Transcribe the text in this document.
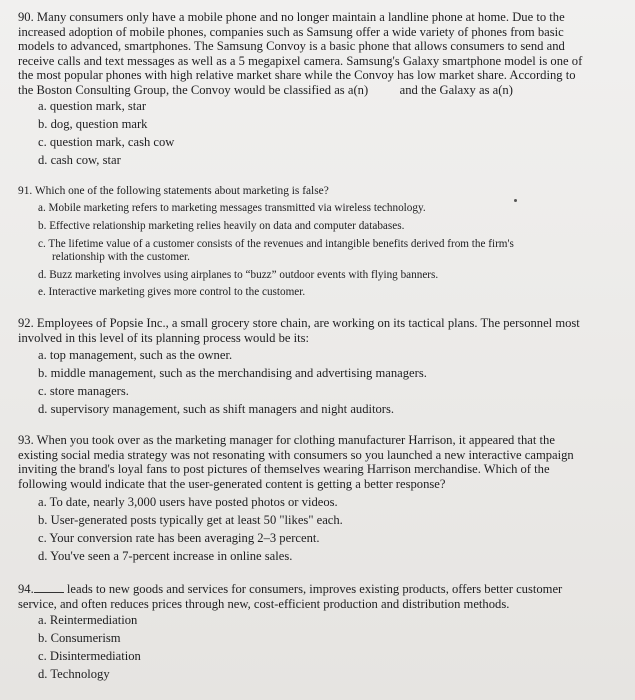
90. Many consumers only have a mobile phone and no longer maintain a landline phone at home. Due to the
increased adoption of mobile phones, companies such as Samsung offer a wide variety of phones from basic
models to advanced, smartphones. The Samsung Convoy is a basic phone that allows consumers to send and
receive calls and text messages as well as a 5 megapixel camera. Samsung's Galaxy smartphone model is one of
the most popular phones with high relative market share while the Convoy has low market share. According to
the Boston Consulting Group, the Convoy would be classified as a(n)          and the Galaxy as a(n)
a. question mark, star
b. dog, question mark
c. question mark, cash cow
d. cash cow, star
91. Which one of the following statements about marketing is false?
a. Mobile marketing refers to marketing messages transmitted via wireless technology.
b. Effective relationship marketing relies heavily on data and computer databases.
c. The lifetime value of a customer consists of the revenues and intangible benefits derived from the firm's
relationship with the customer.
d. Buzz marketing involves using airplanes to “buzz” outdoor events with flying banners.
e. Interactive marketing gives more control to the customer.
92. Employees of Popsie Inc., a small grocery store chain, are working on its tactical plans. The personnel most
involved in this level of its planning process would be its:
a. top management, such as the owner.
b. middle management, such as the merchandising and advertising managers.
c. store managers.
d. supervisory management, such as shift managers and night auditors.
93. When you took over as the marketing manager for clothing manufacturer Harrison, it appeared that the
existing social media strategy was not resonating with consumers so you launched a new interactive campaign
inviting the brand's loyal fans to post pictures of themselves wearing Harrison merchandise. Which of the
following would indicate that the user-generated content is getting a better response?
a. To date, nearly 3,000 users have posted photos or videos.
b. User-generated posts typically get at least 50 "likes" each.
c. Your conversion rate has been averaging 2–3 percent.
d. You've seen a 7-percent increase in online sales.
94.	leads to new goods and services for consumers, improves existing products, offers better customer
service, and often reduces prices through new, cost-efficient production and distribution methods.
a. Reintermediation
b. Consumerism
c. Disintermediation
d. Technology
